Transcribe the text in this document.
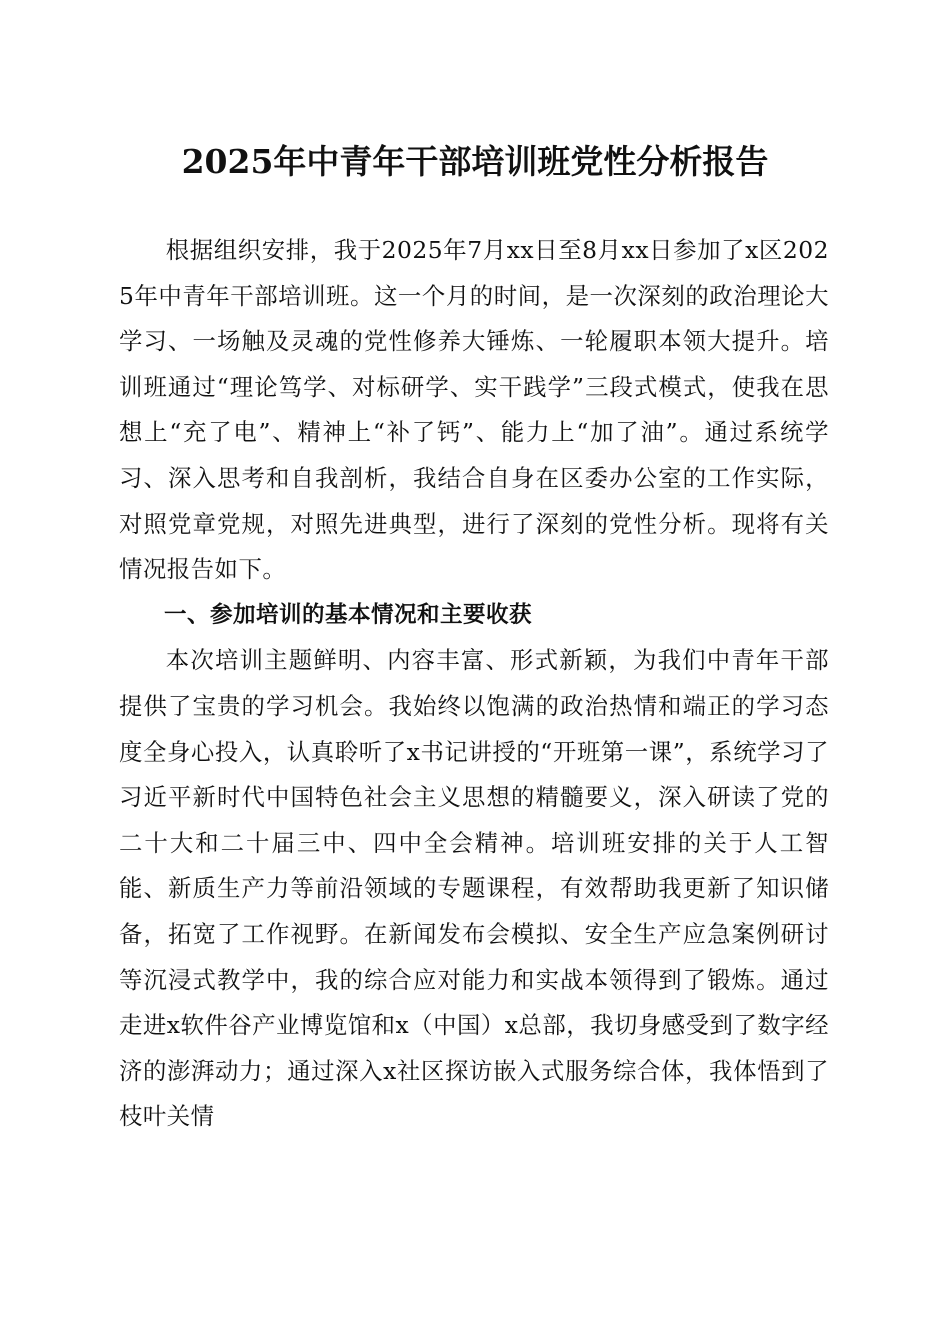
2025年中青年干部培训班党性分析报告

根据组织安排，我于2025年7月xx日至8月xx日参加了x区2025年中青年干部培训班。这一个月的时间，是一次深刻的政治理论大学习、一场触及灵魂的党性修养大锤炼、一轮履职本领大提升。培训班通过“理论笃学、对标研学、实干践学”三段式模式，使我在思想上“充了电”、精神上“补了钙”、能力上“加了油”。通过系统学习、深入思考和自我剖析，我结合自身在区委办公室的工作实际，对照党章党规，对照先进典型，进行了深刻的党性分析。现将有关情况报告如下。

一、参加培训的基本情况和主要收获

本次培训主题鲜明、内容丰富、形式新颖，为我们中青年干部提供了宝贵的学习机会。我始终以饱满的政治热情和端正的学习态度全身心投入，认真聆听了x书记讲授的“开班第一课”，系统学习了习近平新时代中国特色社会主义思想的精髓要义，深入研读了党的二十大和二十届三中、四中全会精神。培训班安排的关于人工智能、新质生产力等前沿领域的专题课程，有效帮助我更新了知识储备，拓宽了工作视野。在新闻发布会模拟、安全生产应急案例研讨等沉浸式教学中，我的综合应对能力和实战本领得到了锻炼。通过走进x软件谷产业博览馆和x（中国）x总部，我切身感受到了数字经济的澎湃动力；通过深入x社区探访嵌入式服务综合体，我体悟到了枝叶关情
